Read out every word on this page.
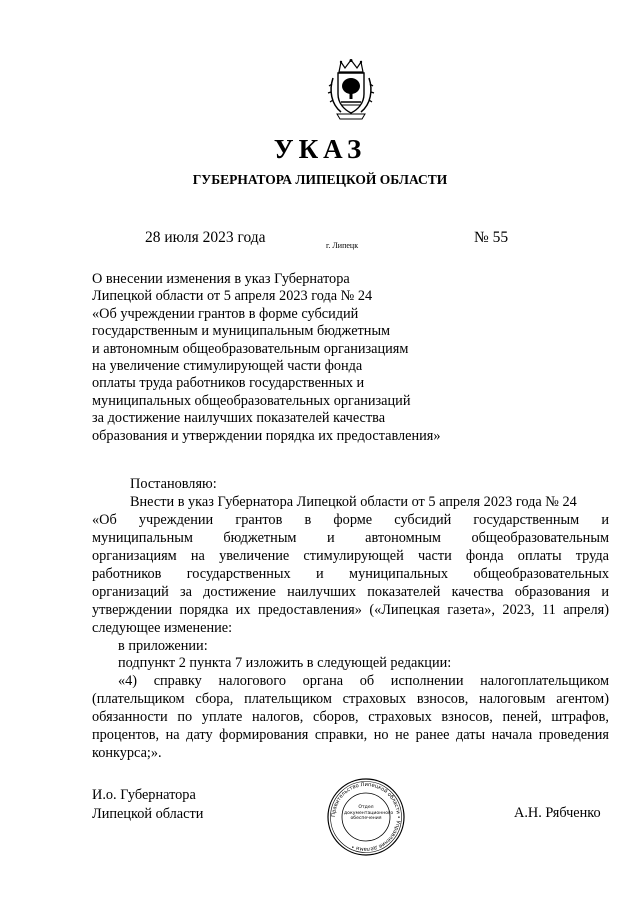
УКАЗ
ГУБЕРНАТОРА ЛИПЕЦКОЙ ОБЛАСТИ
28 июля 2023 года	г. Липецк	№ 55
О внесении изменения в указ Губернатора
Липецкой области от 5 апреля 2023 года № 24
«Об учреждении грантов в форме субсидий
государственным и муниципальным бюджетным
и автономным общеобразовательным организациям
на увеличение стимулирующей части фонда
оплаты труда работников государственных и
муниципальных общеобразовательных организаций
за достижение наилучших показателей качества
образования и утверждении порядка их предоставления»
Постановляю:
Внести в указ Губернатора Липецкой области от 5 апреля 2023 года № 24
«Об учреждении грантов в форме субсидий государственным и
муниципальным бюджетным и автономным общеобразовательным
организациям на увеличение стимулирующей части фонда оплаты труда
работников государственных и муниципальных общеобразовательных
организаций за достижение наилучших показателей качества образования и
утверждении порядка их предоставления» («Липецкая газета», 2023, 11 апреля)
следующее изменение:
в приложении:
подпункт 2 пункта 7 изложить в следующей редакции:
«4) справку налогового органа об исполнении налогоплательщиком
(плательщиком сбора, плательщиком страховых взносов, налоговым агентом)
обязанности по уплате налогов, сборов, страховых взносов, пеней, штрафов,
процентов, на дату формирования справки, но не ранее даты начала проведения
конкурса;».
И.о. Губернатора
Липецкой области	Правительство Липецкой области • Управление делами •
Отдел документационного обеспечения	А.Н. Рябченко
